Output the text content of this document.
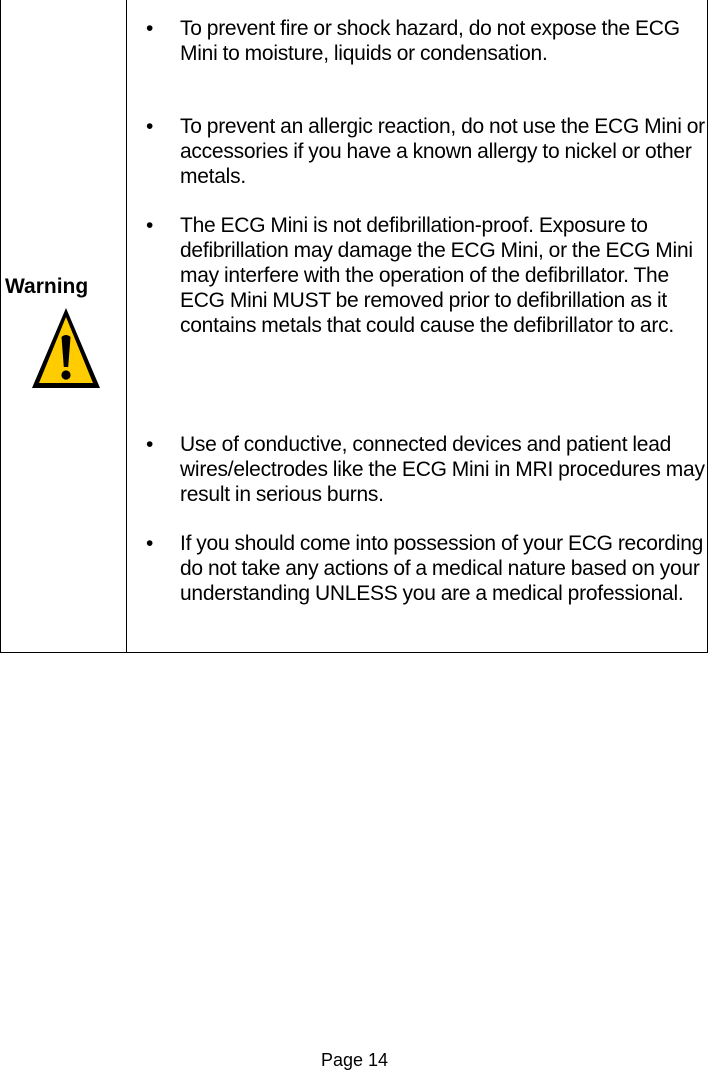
Warning
• To prevent fire or shock hazard, do not expose the ECG Mini to moisture, liquids or condensation.
• To prevent an allergic reaction, do not use the ECG Mini or accessories if you have a known allergy to nickel or other metals.
• The ECG Mini is not defibrillation-proof. Exposure to defibrillation may damage the ECG Mini, or the ECG Mini may interfere with the operation of the defibrillator. The ECG Mini MUST be removed prior to defibrillation as it contains metals that could cause the defibrillator to arc.
• Use of conductive, connected devices and patient lead wires/electrodes like the ECG Mini in MRI procedures may result in serious burns.
• If you should come into possession of your ECG recording do not take any actions of a medical nature based on your understanding UNLESS you are a medical professional.
Page 14
